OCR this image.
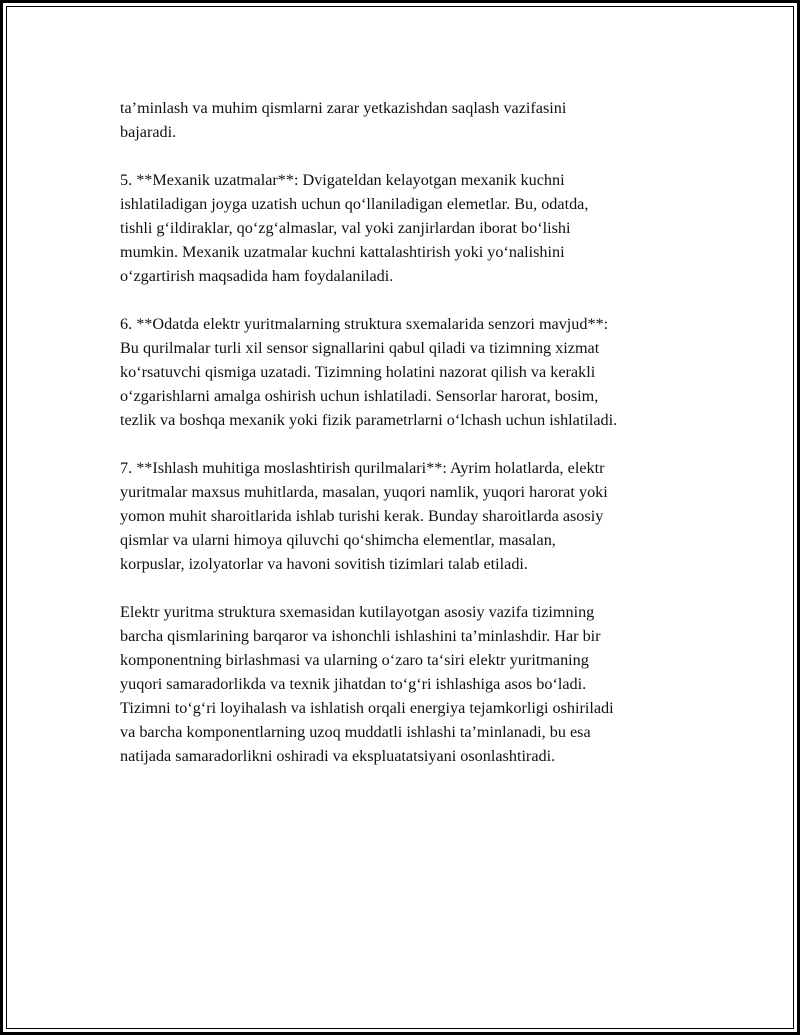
ta’minlash va muhim qismlarni zarar yetkazishdan saqlash vazifasini
bajaradi.

5. **Mexanik uzatmalar**: Dvigateldan kelayotgan mexanik kuchni
ishlatiladigan joyga uzatish uchun qo‘llaniladigan elemetlar. Bu, odatda,
tishli g‘ildiraklar, qo‘zg‘almaslar, val yoki zanjirlardan iborat bo‘lishi
mumkin. Mexanik uzatmalar kuchni kattalashtirish yoki yo‘nalishini
o‘zgartirish maqsadida ham foydalaniladi.

6. **Odatda elektr yuritmalarning struktura sxemalarida senzori mavjud**:
Bu qurilmalar turli xil sensor signallarini qabul qiladi va tizimning xizmat
ko‘rsatuvchi qismiga uzatadi. Tizimning holatini nazorat qilish va kerakli
o‘zgarishlarni amalga oshirish uchun ishlatiladi. Sensorlar harorat, bosim,
tezlik va boshqa mexanik yoki fizik parametrlarni o‘lchash uchun ishlatiladi.

7. **Ishlash muhitiga moslashtirish qurilmalari**: Ayrim holatlarda, elektr
yuritmalar maxsus muhitlarda, masalan, yuqori namlik, yuqori harorat yoki
yomon muhit sharoitlarida ishlab turishi kerak. Bunday sharoitlarda asosiy
qismlar va ularni himoya qiluvchi qo‘shimcha elementlar, masalan,
korpuslar, izolyatorlar va havoni sovitish tizimlari talab etiladi.

Elektr yuritma struktura sxemasidan kutilayotgan asosiy vazifa tizimning
barcha qismlarining barqaror va ishonchli ishlashini ta’minlashdir. Har bir
komponentning birlashmasi va ularning o‘zaro ta‘siri elektr yuritmaning
yuqori samaradorlikda va texnik jihatdan to‘g‘ri ishlashiga asos bo‘ladi.
Tizimni to‘g‘ri loyihalash va ishlatish orqali energiya tejamkorligi oshiriladi
va barcha komponentlarning uzoq muddatli ishlashi ta’minlanadi, bu esa
natijada samaradorlikni oshiradi va ekspluatatsiyani osonlashtiradi.
